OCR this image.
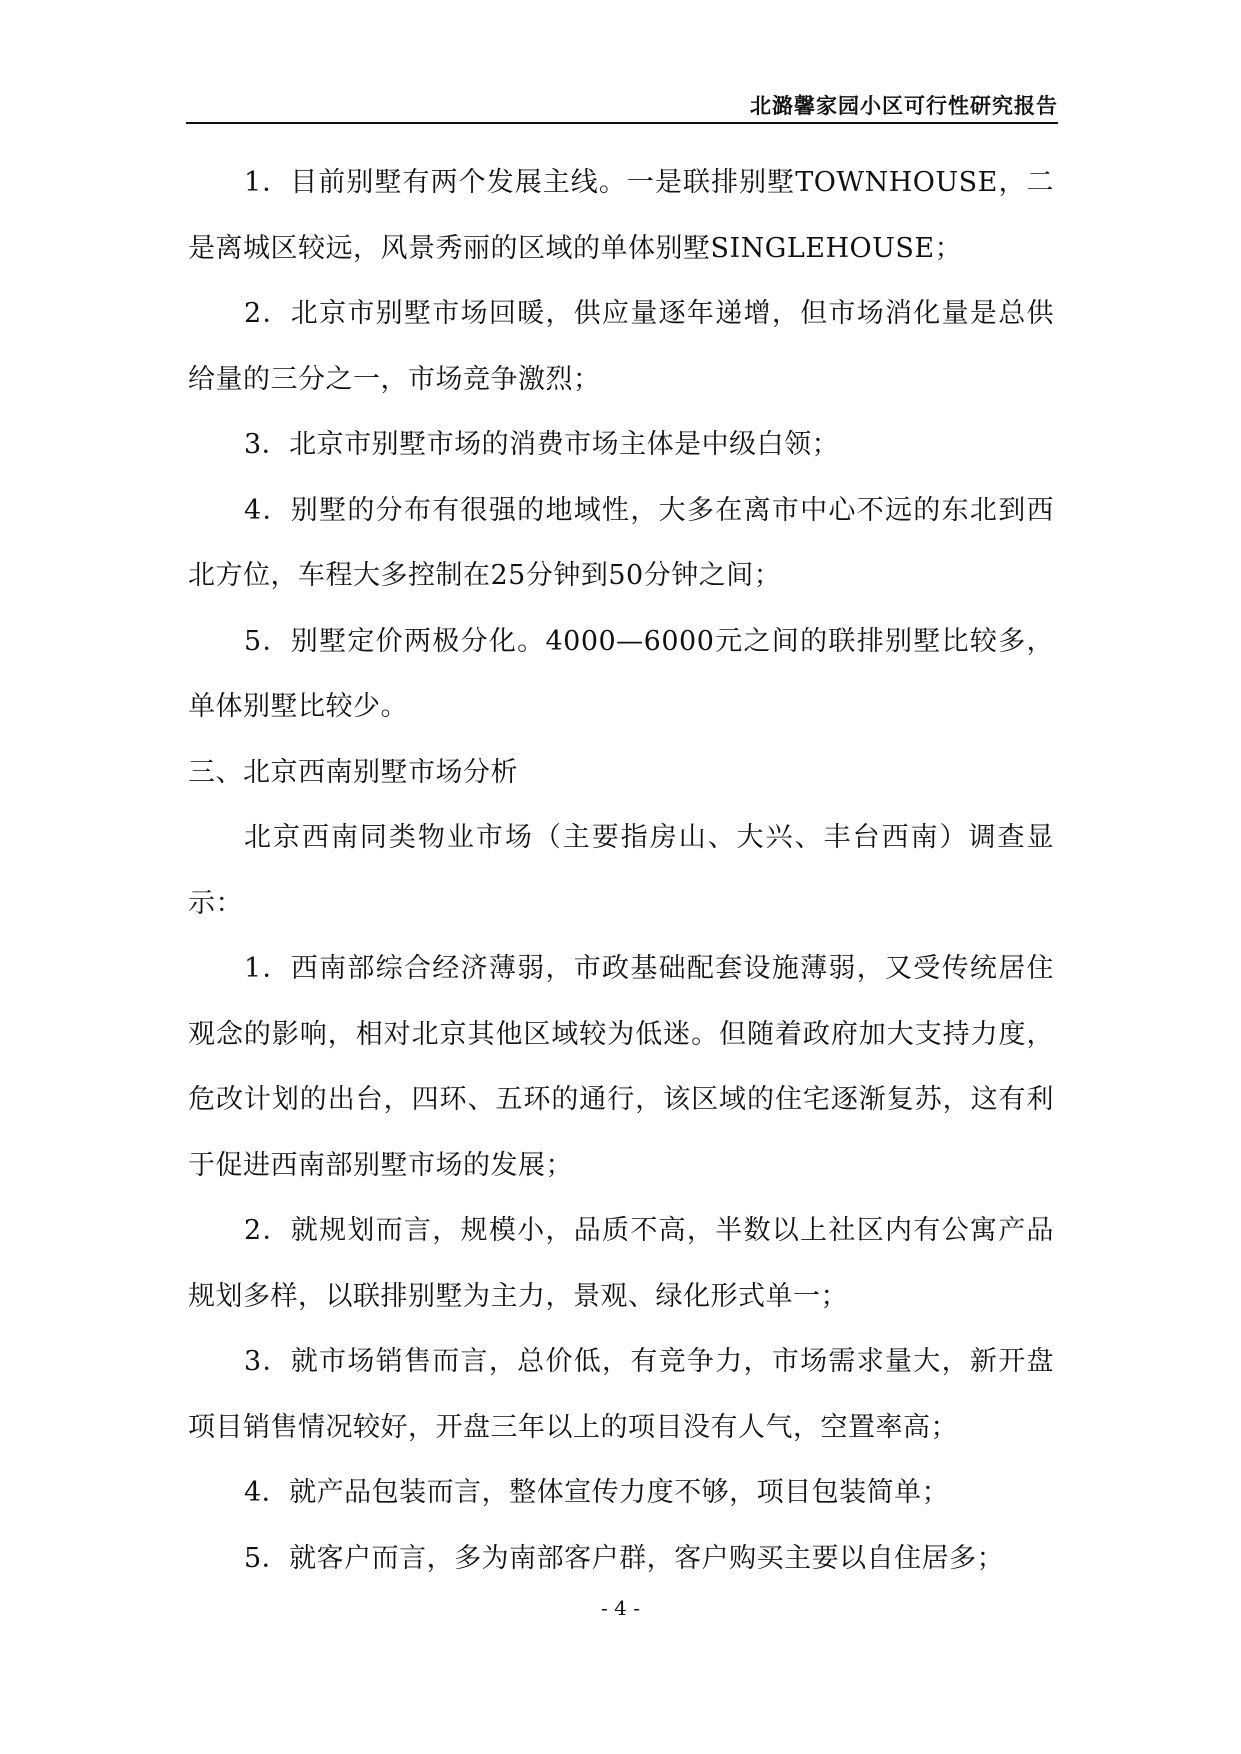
北潞馨家园小区可行性研究报告

1．目前别墅有两个发展主线。一是联排别墅TOWNHOUSE，二是离城区较远，风景秀丽的区域的单体别墅SINGLEHOUSE；

2．北京市别墅市场回暖，供应量逐年递增，但市场消化量是总供给量的三分之一，市场竞争激烈；

3．北京市别墅市场的消费市场主体是中级白领；

4．别墅的分布有很强的地域性，大多在离市中心不远的东北到西北方位，车程大多控制在25分钟到50分钟之间；

5．别墅定价两极分化。4000—6000元之间的联排别墅比较多，单体别墅比较少。

三、北京西南别墅市场分析

北京西南同类物业市场（主要指房山、大兴、丰台西南）调查显示：

1．西南部综合经济薄弱，市政基础配套设施薄弱，又受传统居住观念的影响，相对北京其他区域较为低迷。但随着政府加大支持力度，危改计划的出台，四环、五环的通行，该区域的住宅逐渐复苏，这有利于促进西南部别墅市场的发展；

2．就规划而言，规模小，品质不高，半数以上社区内有公寓产品规划多样，以联排别墅为主力，景观、绿化形式单一；

3．就市场销售而言，总价低，有竞争力，市场需求量大，新开盘项目销售情况较好，开盘三年以上的项目没有人气，空置率高；

4．就产品包装而言，整体宣传力度不够，项目包装简单；

5．就客户而言，多为南部客户群，客户购买主要以自住居多；

- 4 -
